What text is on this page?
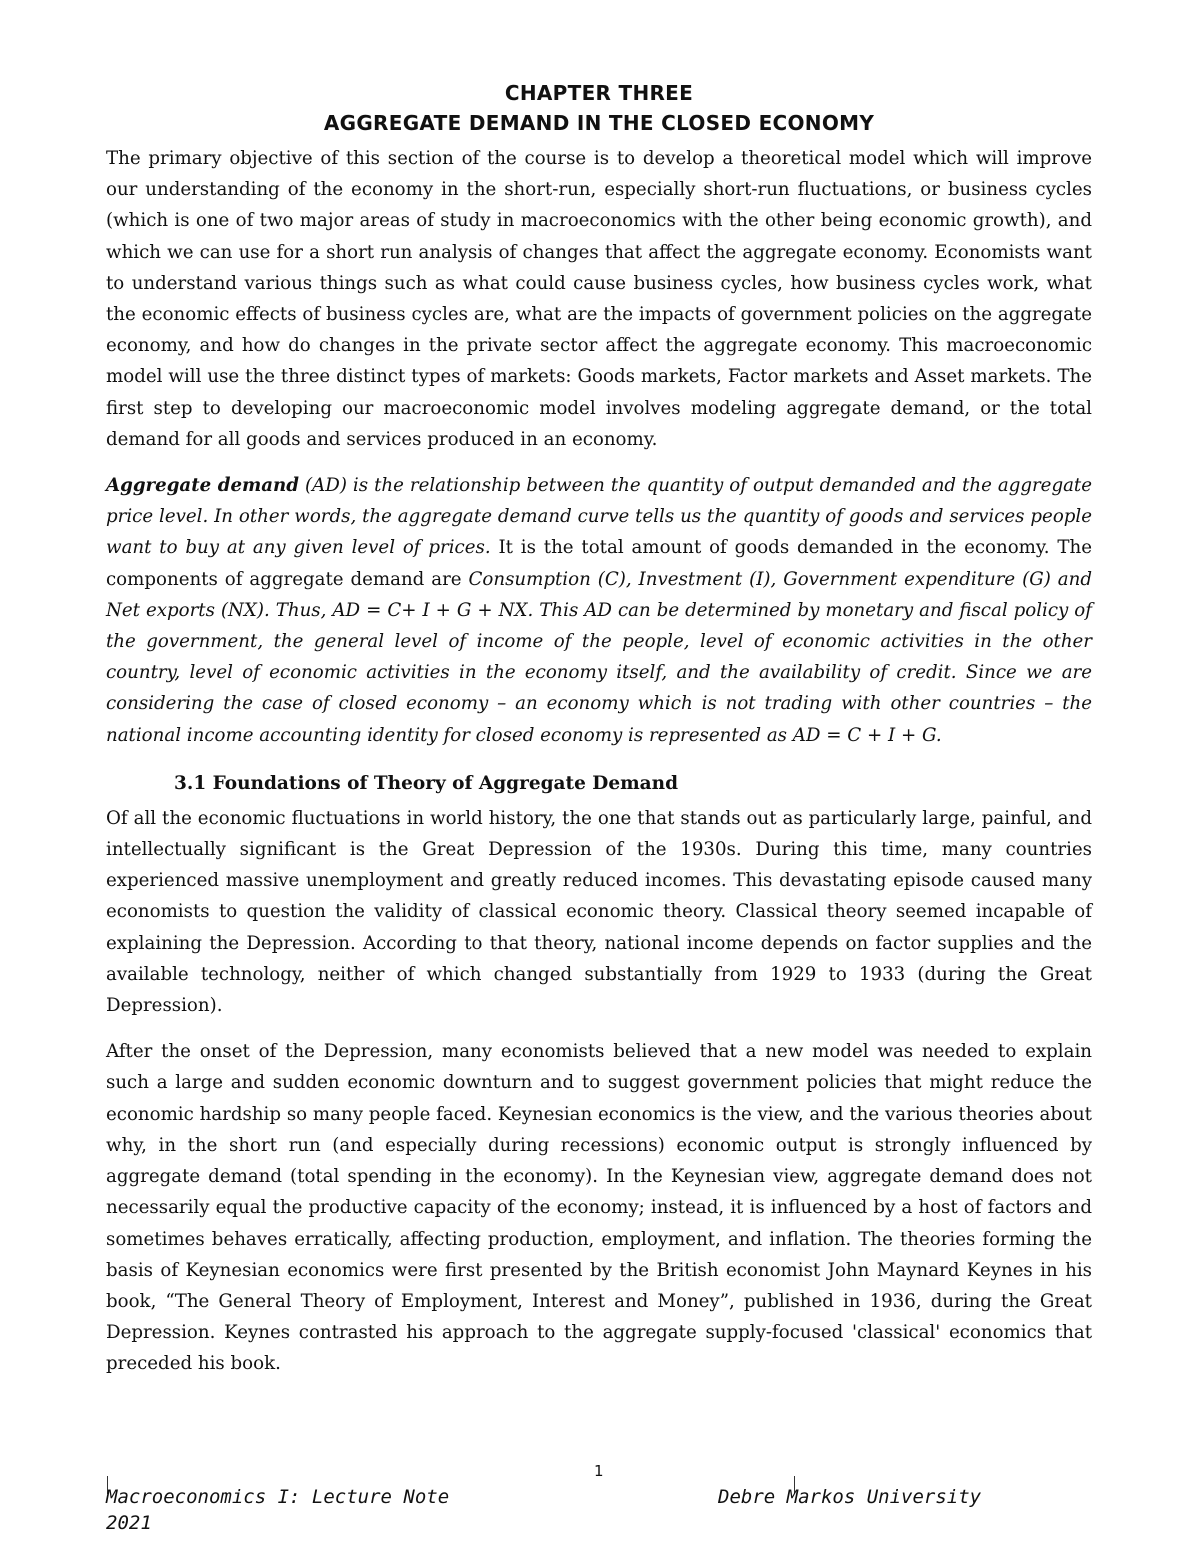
CHAPTER THREE
AGGREGATE DEMAND IN THE CLOSED ECONOMY

The primary objective of this section of the course is to develop a theoretical model which will improve our understanding of the economy in the short-run, especially short-run fluctuations, or business cycles (which is one of two major areas of study in macroeconomics with the other being economic growth), and which we can use for a short run analysis of changes that affect the aggregate economy. Economists want to understand various things such as what could cause business cycles, how business cycles work, what the economic effects of business cycles are, what are the impacts of government policies on the aggregate economy, and how do changes in the private sector affect the aggregate economy. This macroeconomic model will use the three distinct types of markets: Goods markets, Factor markets and Asset markets. The first step to developing our macroeconomic model involves modeling aggregate demand, or the total demand for all goods and services produced in an economy.

Aggregate demand (AD) is the relationship between the quantity of output demanded and the aggregate price level. In other words, the aggregate demand curve tells us the quantity of goods and services people want to buy at any given level of prices. It is the total amount of goods demanded in the economy. The components of aggregate demand are Consumption (C), Investment (I), Government expenditure (G) and Net exports (NX). Thus, AD = C+ I + G + NX. This AD can be determined by monetary and fiscal policy of the government, the general level of income of the people, level of economic activities in the other country, level of economic activities in the economy itself, and the availability of credit. Since we are considering the case of closed economy – an economy which is not trading with other countries – the national income accounting identity for closed economy is represented as AD = C + I + G.

3.1 Foundations of Theory of Aggregate Demand

Of all the economic fluctuations in world history, the one that stands out as particularly large, painful, and intellectually significant is the Great Depression of the 1930s. During this time, many countries experienced massive unemployment and greatly reduced incomes. This devastating episode caused many economists to question the validity of classical economic theory. Classical theory seemed incapable of explaining the Depression. According to that theory, national income depends on factor supplies and the available technology, neither of which changed substantially from 1929 to 1933 (during the Great Depression).

After the onset of the Depression, many economists believed that a new model was needed to explain such a large and sudden economic downturn and to suggest government policies that might reduce the economic hardship so many people faced. Keynesian economics is the view, and the various theories about why, in the short run (and especially during recessions) economic output is strongly influenced by aggregate demand (total spending in the economy). In the Keynesian view, aggregate demand does not necessarily equal the productive capacity of the economy; instead, it is influenced by a host of factors and sometimes behaves erratically, affecting production, employment, and inflation. The theories forming the basis of Keynesian economics were first presented by the British economist John Maynard Keynes in his book, “The General Theory of Employment, Interest and Money”, published in 1936, during the Great Depression. Keynes contrasted his approach to the aggregate supply-focused 'classical' economics that preceded his book.

1
Macroeconomics I: Lecture Note 2021
Debre Markos University
